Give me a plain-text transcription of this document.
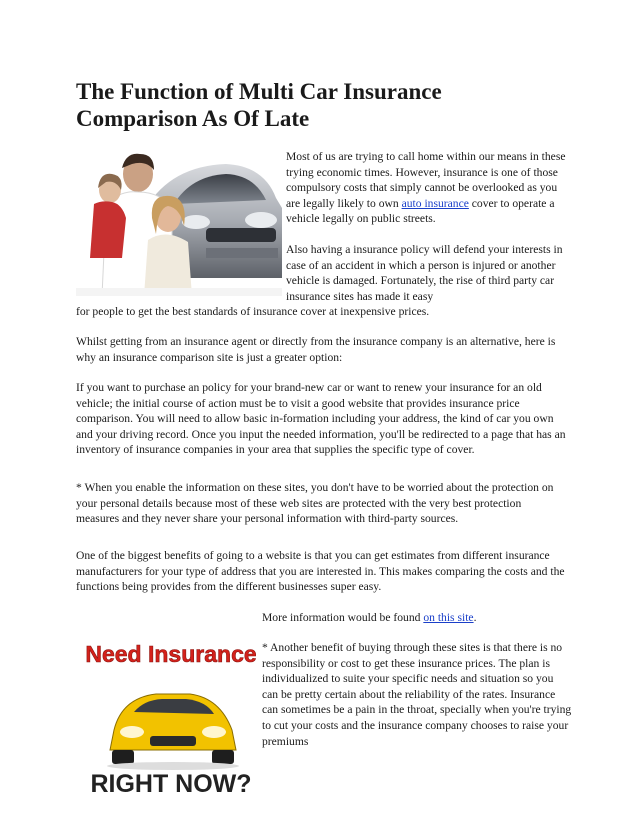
The Function of Multi Car Insurance Comparison As Of Late

Most of us are trying to call home within our means in these trying economic times. However, insurance is one of those compulsory costs that simply cannot be overlooked as you are legally likely to own auto insurance cover to operate a vehicle legally on public streets.

Also having a insurance policy will defend your interests in case of an accident in which a person is injured or another vehicle is damaged. Fortunately, the rise of third party car insurance sites has made it easy

for people to get the best standards of insurance cover at inexpensive prices.

Whilst getting from an insurance agent or directly from the insurance company is an alternative, here is why an insurance comparison site is just a greater option:

If you want to purchase an policy for your brand-new car or want to renew your insurance for an old vehicle; the initial course of action must be to visit a good website that provides insurance price comparison. You will need to allow basic in-formation including your address, the kind of car you own and your driving record. Once you input the needed information, you'll be redirected to a page that has an inventory of insurance companies in your area that supplies the specific type of cover.

* When you enable the information on these sites, you don't have to be worried about the protection on your personal details because most of these web sites are protected with the very best protection measures and they never share your personal information with third-party sources.

One of the biggest benefits of going to a website is that you can get estimates from different insurance manufacturers for your type of address that you are interested in. This makes comparing the costs and the functions being provides from the different businesses super easy.

More information would be found on this site.

* Another benefit of buying through these sites is that there is no responsibility or cost to get these insurance prices. The plan is individualized to suite your specific needs and situation so you can be pretty certain about the reliability of the rates. Insurance can sometimes be a pain in the throat, specially when you're trying to cut your costs and the insurance company chooses to raise your premiums

Need Insurance
RIGHT NOW?
